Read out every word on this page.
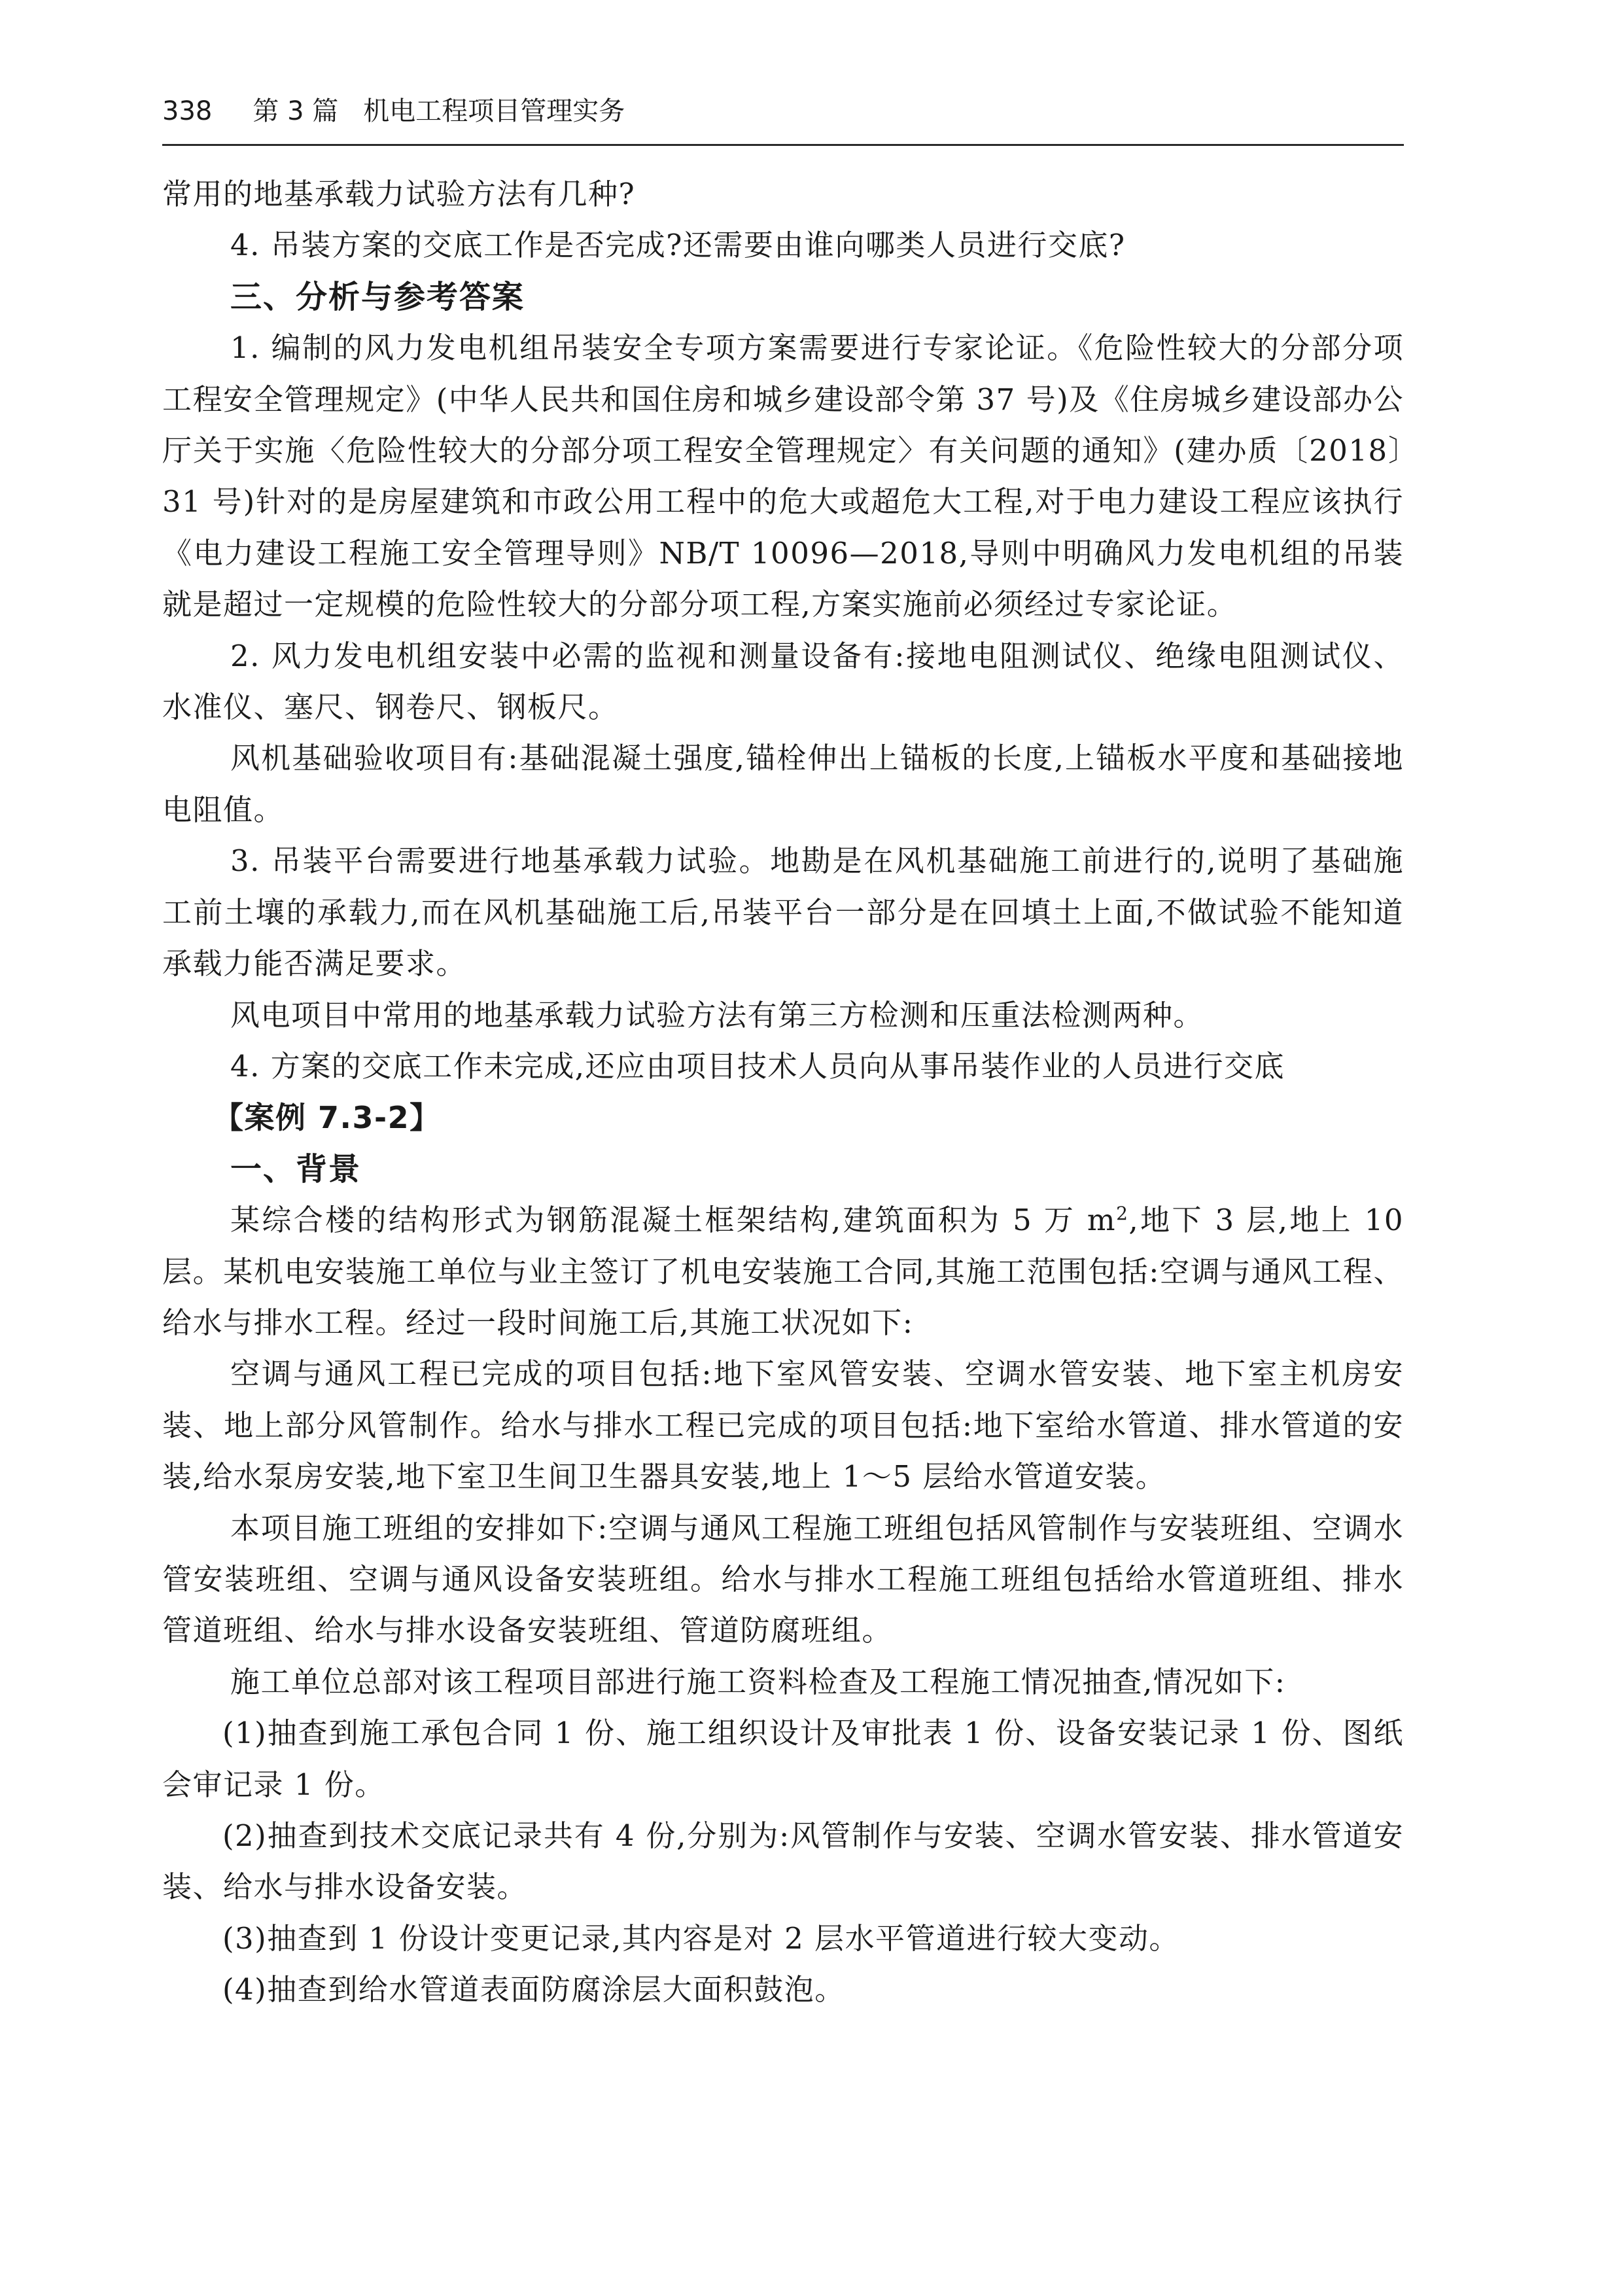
338 第 3 篇 机电工程项目管理实务

常用的地基承载力试验方法有几种?

4. 吊装方案的交底工作是否完成?还需要由谁向哪类人员进行交底?

三、分析与参考答案

1. 编制的风力发电机组吊装安全专项方案需要进行专家论证。《危险性较大的分部分项工程安全管理规定》(中华人民共和国住房和城乡建设部令第 37 号)及《住房城乡建设部办公厅关于实施〈危险性较大的分部分项工程安全管理规定〉有关问题的通知》(建办质〔2018〕31 号)针对的是房屋建筑和市政公用工程中的危大或超危大工程,对于电力建设工程应该执行《电力建设工程施工安全管理导则》NB/T 10096—2018,导则中明确风力发电机组的吊装就是超过一定规模的危险性较大的分部分项工程,方案实施前必须经过专家论证。

2. 风力发电机组安装中必需的监视和测量设备有:接地电阻测试仪、绝缘电阻测试仪、水准仪、塞尺、钢卷尺、钢板尺。

风机基础验收项目有:基础混凝土强度,锚栓伸出上锚板的长度,上锚板水平度和基础接地电阻值。

3. 吊装平台需要进行地基承载力试验。地勘是在风机基础施工前进行的,说明了基础施工前土壤的承载力,而在风机基础施工后,吊装平台一部分是在回填土上面,不做试验不能知道承载力能否满足要求。

风电项目中常用的地基承载力试验方法有第三方检测和压重法检测两种。

4. 方案的交底工作未完成,还应由项目技术人员向从事吊装作业的人员进行交底

【案例 7.3-2】

一、背景

某综合楼的结构形式为钢筋混凝土框架结构,建筑面积为 5 万 $m^2$,地下 3 层,地上 10 层。某机电安装施工单位与业主签订了机电安装施工合同,其施工范围包括:空调与通风工程、给水与排水工程。经过一段时间施工后,其施工状况如下:

空调与通风工程已完成的项目包括:地下室风管安装、空调水管安装、地下室主机房安装、地上部分风管制作。给水与排水工程已完成的项目包括:地下室给水管道、排水管道的安装,给水泵房安装,地下室卫生间卫生器具安装,地上 1～5 层给水管道安装。

本项目施工班组的安排如下:空调与通风工程施工班组包括风管制作与安装班组、空调水管安装班组、空调与通风设备安装班组。给水与排水工程施工班组包括给水管道班组、排水管道班组、给水与排水设备安装班组、管道防腐班组。

施工单位总部对该工程项目部进行施工资料检查及工程施工情况抽查,情况如下:

(1)抽查到施工承包合同 1 份、施工组织设计及审批表 1 份、设备安装记录 1 份、图纸会审记录 1 份。

(2)抽查到技术交底记录共有 4 份,分别为:风管制作与安装、空调水管安装、排水管道安装、给水与排水设备安装。

(3)抽查到 1 份设计变更记录,其内容是对 2 层水平管道进行较大变动。

(4)抽查到给水管道表面防腐涂层大面积鼓泡。
